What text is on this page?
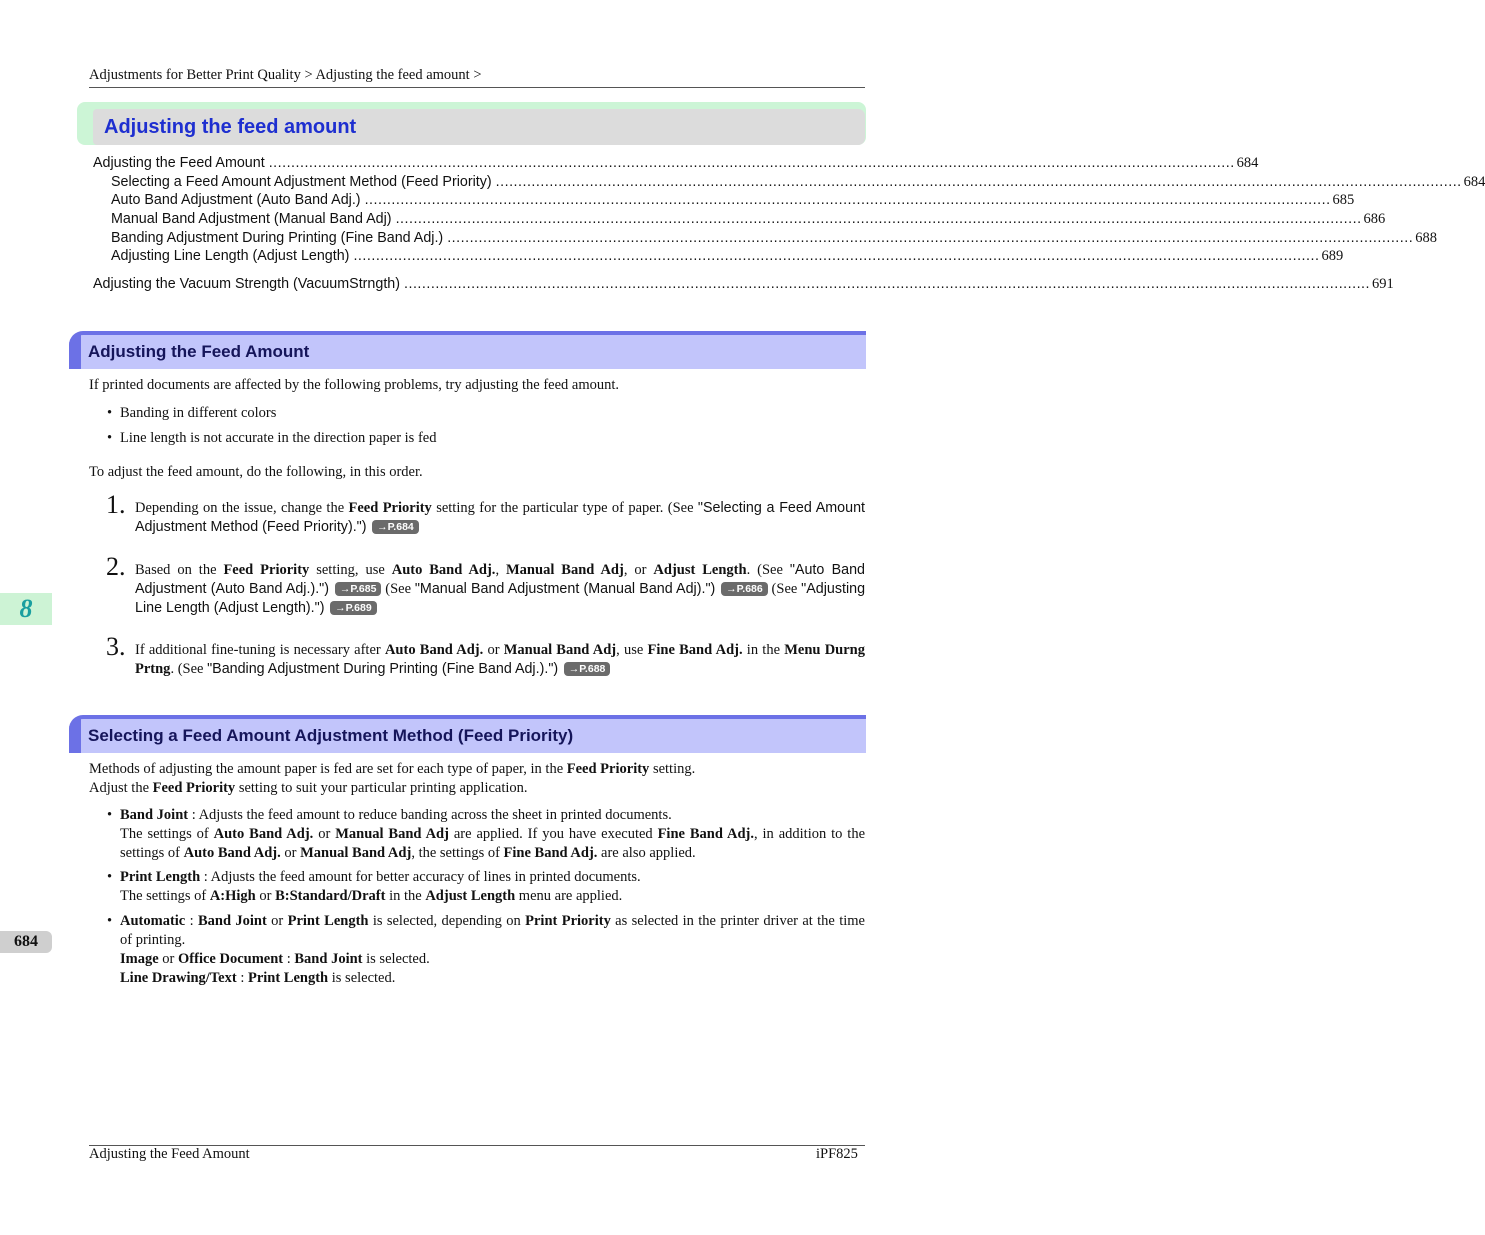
Adjustments for Better Print Quality > Adjusting the feed amount >
Adjusting the feed amount
Adjusting the Feed Amount ........................................................................................................................................................................................................................ 684
Selecting a Feed Amount Adjustment Method (Feed Priority) ........................................................................................................................................................................................................................ 684
Auto Band Adjustment (Auto Band Adj.) ........................................................................................................................................................................................................................ 685
Manual Band Adjustment (Manual Band Adj) ........................................................................................................................................................................................................................ 686
Banding Adjustment During Printing (Fine Band Adj.) ........................................................................................................................................................................................................................ 688
Adjusting Line Length (Adjust Length) ........................................................................................................................................................................................................................ 689
Adjusting the Vacuum Strength (VacuumStrngth) ........................................................................................................................................................................................................................ 691
Adjusting the Feed Amount
If printed documents are affected by the following problems, try adjusting the feed amount.
• Banding in different colors
• Line length is not accurate in the direction paper is fed
To adjust the feed amount, do the following, in this order.
1. Depending on the issue, change the Feed Priority setting for the particular type of paper. (See "Selecting a Feed Amount Adjustment Method (Feed Priority).") →P.684
2. Based on the Feed Priority setting, use Auto Band Adj., Manual Band Adj, or Adjust Length. (See "Auto Band Adjustment (Auto Band Adj.).") →P.685 (See "Manual Band Adjustment (Manual Band Adj).") →P.686 (See "Adjusting Line Length (Adjust Length).") →P.689
3. If additional fine-tuning is necessary after Auto Band Adj. or Manual Band Adj, use Fine Band Adj. in the Menu Durng Prtng. (See "Banding Adjustment During Printing (Fine Band Adj.).") →P.688
Selecting a Feed Amount Adjustment Method (Feed Priority)
Methods of adjusting the amount paper is fed are set for each type of paper, in the Feed Priority setting.
Adjust the Feed Priority setting to suit your particular printing application.
• Band Joint : Adjusts the feed amount to reduce banding across the sheet in printed documents.
The settings of Auto Band Adj. or Manual Band Adj are applied. If you have executed Fine Band Adj., in addition to the settings of Auto Band Adj. or Manual Band Adj, the settings of Fine Band Adj. are also applied.
• Print Length : Adjusts the feed amount for better accuracy of lines in printed documents.
The settings of A:High or B:Standard/Draft in the Adjust Length menu are applied.
• Automatic : Band Joint or Print Length is selected, depending on Print Priority as selected in the printer driver at the time of printing.
Image or Office Document : Band Joint is selected.
Line Drawing/Text : Print Length is selected.
8
684
Adjusting the Feed Amount	iPF825
